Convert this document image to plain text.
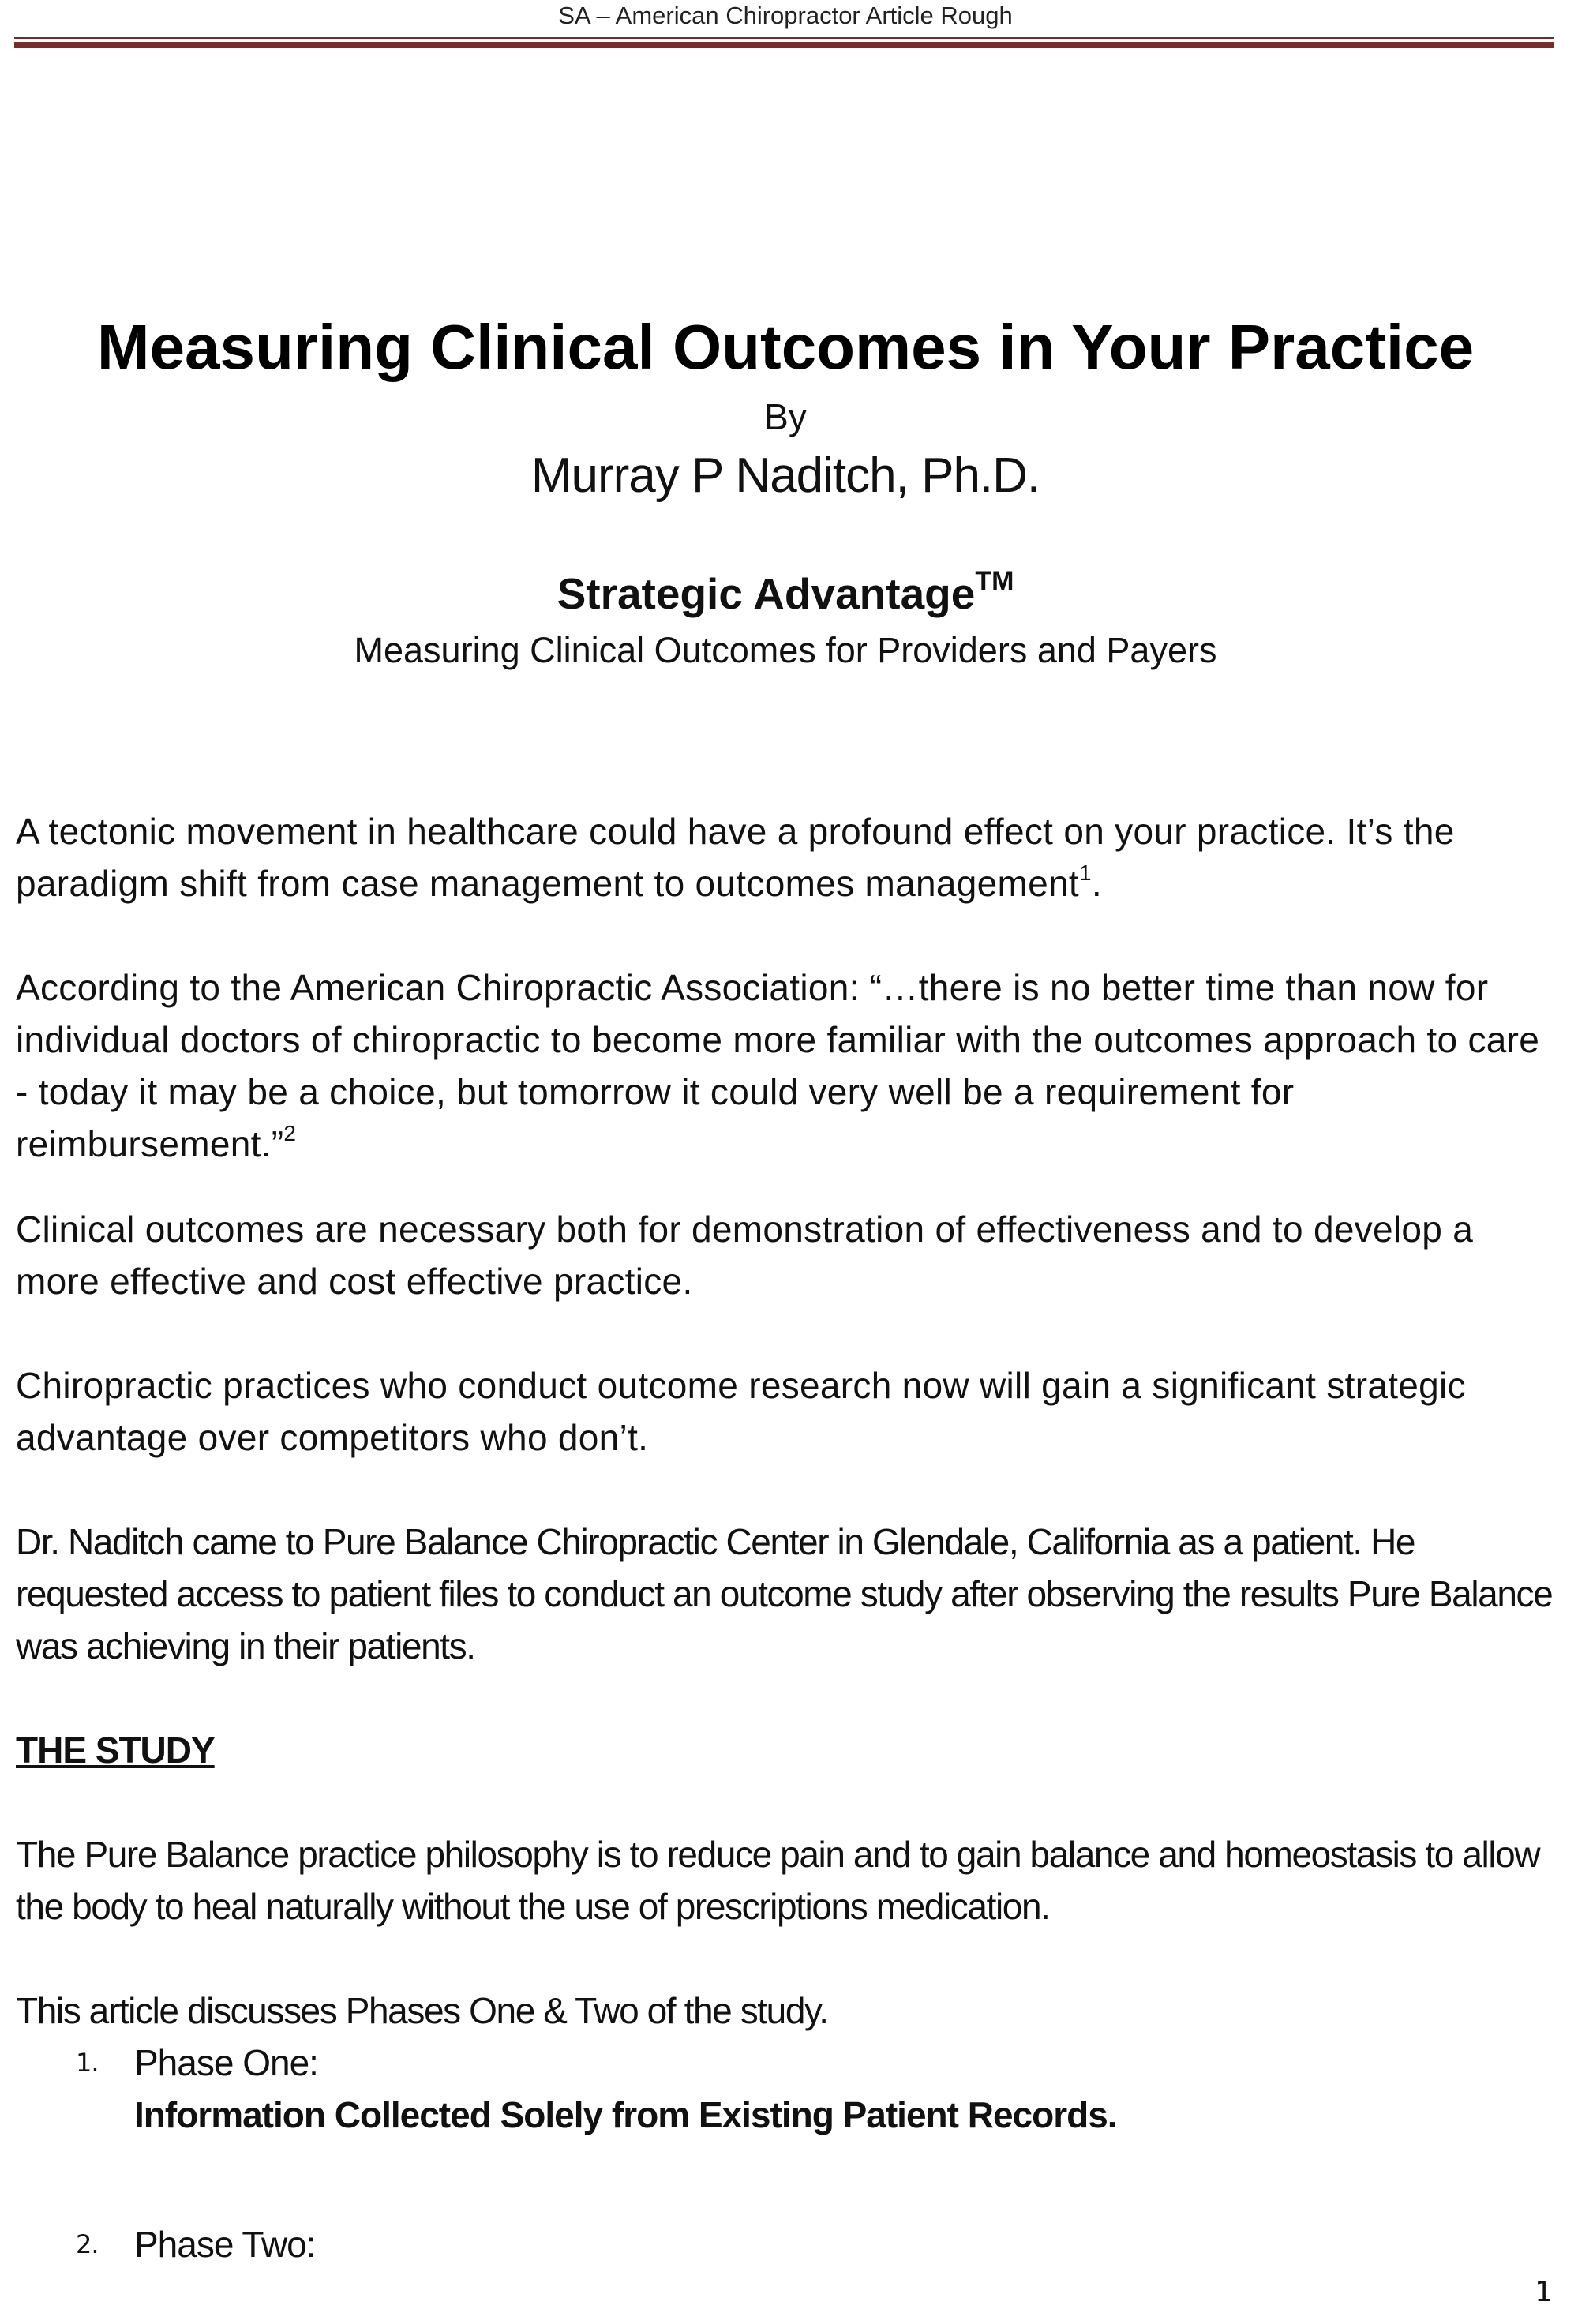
SA – American Chiropractor Article Rough
Measuring Clinical Outcomes in Your Practice
By
Murray P Naditch, Ph.D.
Strategic Advantage™
Measuring Clinical Outcomes for Providers and Payers
A tectonic movement in healthcare could have a profound effect on your practice. It’s the paradigm shift from case management to outcomes management$^1$.
According to the American Chiropractic Association: “…there is no better time than now for individual doctors of chiropractic to become more familiar with the outcomes approach to care - today it may be a choice, but tomorrow it could very well be a requirement for reimbursement.”$^2$
Clinical outcomes are necessary both for demonstration of effectiveness and to develop a more effective and cost effective practice.
Chiropractic practices who conduct outcome research now will gain a significant strategic advantage over competitors who don’t.
Dr. Naditch came to Pure Balance Chiropractic Center in Glendale, California as a patient. He requested access to patient files to conduct an outcome study after observing the results Pure Balance was achieving in their patients.
THE STUDY
The Pure Balance practice philosophy is to reduce pain and to gain balance and homeostasis to allow the body to heal naturally without the use of prescriptions medication.
This article discusses Phases One & Two of the study.
1. Phase One:
Information Collected Solely from Existing Patient Records.
2. Phase Two:
1
